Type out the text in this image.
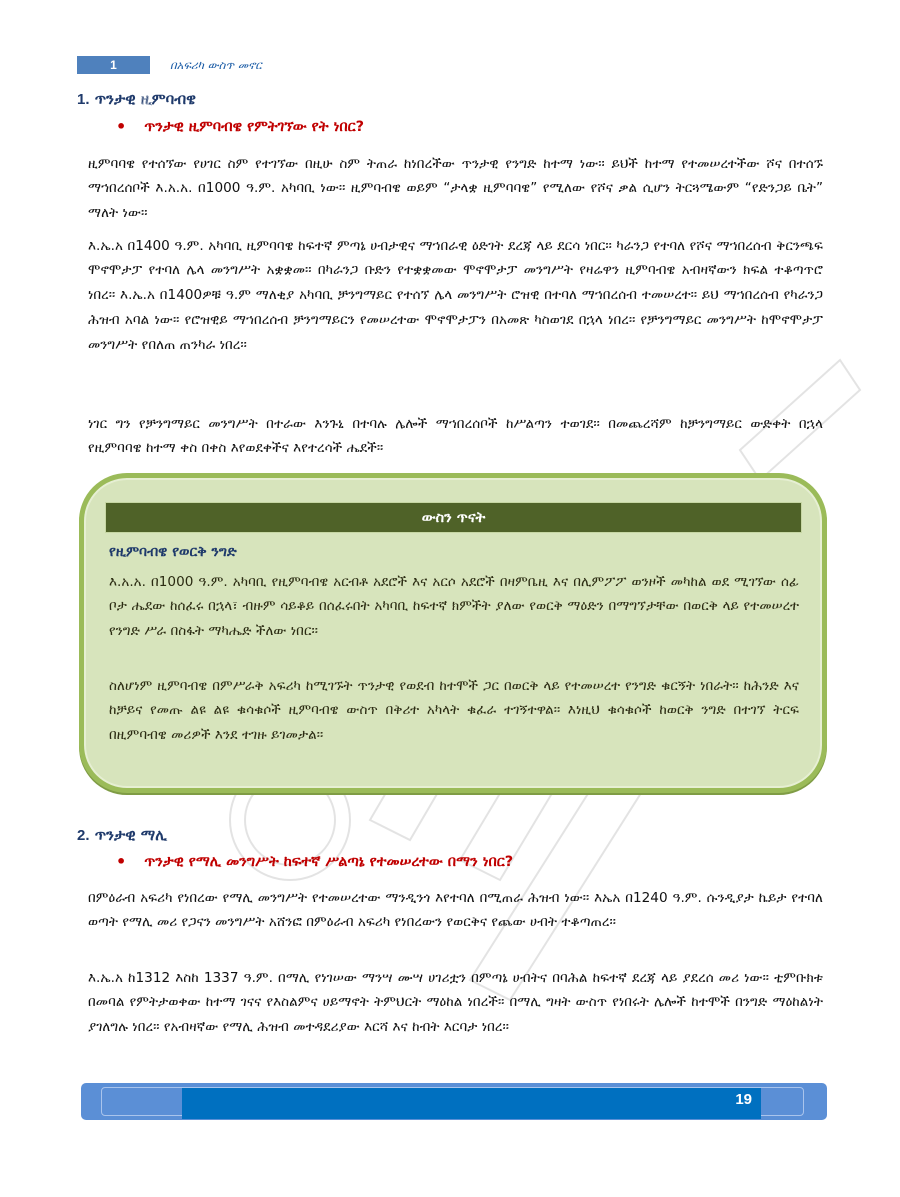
1	በአፍሪካ ውስጥ መኖር
1. ጥንታዊ ዚምባብዌ
• ጥንታዊ ዚምባብዌ የምትገኘው የት ነበር?

ዚምባባዌ የተሰኘው የሀገር ስም የተገኘው በዚሁ ስም ትጠራ ከነበረችው ጥንታዊ የንግድ ከተማ ነው፡፡ ይህች ከተማ የተመሠረተችው ሾና በተሰኙ ማኀበረሰቦች እ.አ.አ. በ1000 ዓ.ም. አካባቢ ነው፡፡ ዚምባብዌ ወይም “ታላቋ ዚምባባዌ” የሚለው የሾና ቃል ሲሆን ትርጓሜውም “የድንጋይ ቤት” ማለት ነው፡፡

እ.ኤ.አ በ1400 ዓ.ም. አካባቢ ዚምባባዌ ከፍተኛ ምጣኔ ሀብታዊና ማኀበራዊ ዕድገት ደረጃ ላይ ደርሳ ነበር፡፡ ካራንጋ የተባለ የሾና ማኀበረሰብ ቅርንጫፍ ሞኖሞታፓ የተባለ ሌላ መንግሥት አቋቋመ፡፡ በካራንጋ ቡድን የተቋቋመው ሞኖሞታፓ መንግሥት የዛሬዋን ዚምባብዌ አብዛኛውን ክፍል ተቆጣጥሮ ነበረ፡፡ እ.ኤ.አ በ1400ዎቹ ዓ.ም ማለቂያ አካባቢ ቻንግማይር የተሰኘ ሌላ መንግሥት ሮዝዊ በተባለ ማኀበረሰብ ተመሠረተ፡፡ ይህ ማኀበረሰብ የካራንጋ ሕዝብ አባል ነው፡፡ የሮዝዊይ ማኀበረሰብ ቻንግማይርን የመሠረተው ሞኖሞታፓን በአመጽ ካስወገደ በኋላ ነበረ፡፡ የቻንግማይር መንግሥት ከሞኖሞታፓ መንግሥት የበለጠ ጠንካራ ነበረ፡፡

ነገር ግን የቻንግማይር መንግሥት በተራው እንጉኒ በተባሉ ሌሎች ማኀበረሰቦች ከሥልጣን ተወገደ፡፡ በመጨረሻም ከቻንግማይር ውድቀት በኋላ የዚምባባዌ ከተማ ቀስ በቀስ እየወደቀችና እየተረሳች ሔደች፡፡

ውስን ጥናት
የዚምባብዌ የወርቅ ንግድ

እ.አ.አ. በ1000 ዓ.ም. አካባቢ የዚምባብዌ አርብቶ አደሮች እና አርሶ አደሮች በዛምቤዚ እና በሊምፖፖ ወንዞች መካከል ወደ ሚገኘው ሰፊ ቦታ ሔደው ከሰፈሩ በኋላ፣ ብዙም ሳይቆይ በሰፈሩበት አካባቢ ከፍተኛ ክምችት ያለው የወርቅ ማዕድን በማግኘታቸው በወርቅ ላይ የተመሠረተ የንግድ ሥራ በስፋት ማካሔድ ችለው ነበር፡፡

ስለሆነም ዚምባብዌ በምሥራቅ አፍሪካ ከሚገኙት ጥንታዊ የወደብ ከተሞች ጋር በወርቅ ላይ የተመሠረተ የንግድ ቁርኝት ነበራት፡፡ ከሕንድ እና ከቻይና የመጡ ልዩ ልዩ ቁሳቁሶች ዚምባብዌ ውስጥ በቅሪተ አካላት ቁፈራ ተገኝተዋል፡፡ እነዚህ ቁሳቁሶች ከወርቅ ንግድ በተገኘ ትርፍ በዚምባብዌ መሪዎች እንደ ተገዙ ይገመታል፡፡

2. ጥንታዊ ማሊ
• ጥንታዊ የማሊ መንግሥት ከፍተኛ ሥልጣኔ የተመሠረተው በማን ነበር?

በምዕራብ አፍሪካ የነበረው የማሊ መንግሥት የተመሠረተው ማንዲንጎ እየተባለ በሚጠራ ሕዝብ ነው፡፡ እኤአ በ1240 ዓ.ም. ሱንዲያታ ኬይታ የተባለ ወጣት የማሊ መሪ የጋናን መንግሥት አሸንፎ በምዕራብ አፍሪካ የነበረውን የወርቅና የጨው ሀብት ተቆጣጠረ፡፡

እ.ኤ.አ ከ1312 እስከ 1337 ዓ.ም. በማሊ የነገሠው ማንሣ ሙሣ ሀገሪቷን በምጣኔ ሀብትና በባሕል ከፍተኛ ደረጃ ላይ ያደረሰ መሪ ነው፡፡ ቲምቡክቱ በመባል የምትታወቀው ከተማ ገናና የእስልምና ሀይማኖት ትምህርት ማዕከል ነበረች፡፡ በማሊ ግዛት ውስጥ የነበሩት ሌሎች ከተሞች በንግድ ማዕከልነት ያገለግሉ ነበረ፡፡ የአብዛኛው የማሊ ሕዝብ መተዳደሪያው እርሻ እና ከብት እርባታ ነበረ፡፡

19
